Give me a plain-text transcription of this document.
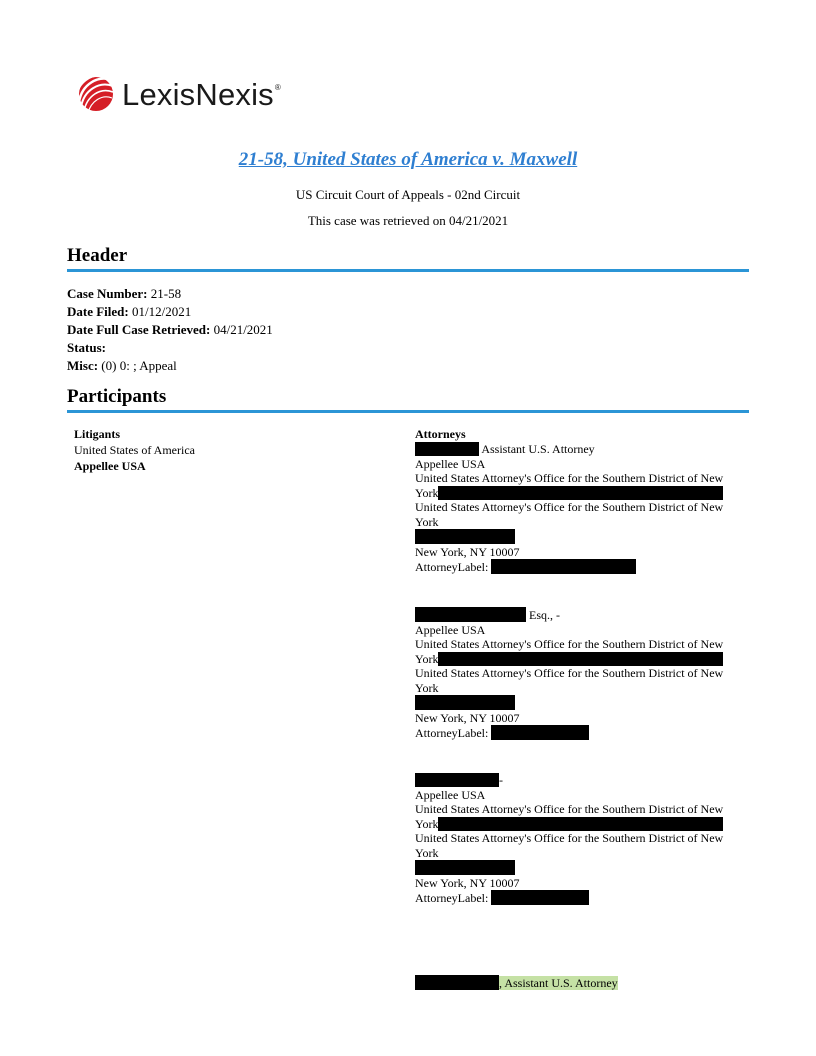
LexisNexis®
21-58, United States of America v. Maxwell
US Circuit Court of Appeals - 02nd Circuit
This case was retrieved on 04/21/2021
Header
Case Number: 21-58
Date Filed: 01/12/2021
Date Full Case Retrieved: 04/21/2021
Status:
Misc: (0) 0: ; Appeal
Participants
Litigants
United States of America
Appellee USA
Attorneys
Assistant U.S. Attorney
Appellee USA
United States Attorney's Office for the Southern District of New
York
United States Attorney's Office for the Southern District of New
York
New York, NY 10007
AttorneyLabel:
Esq., -
Appellee USA
United States Attorney's Office for the Southern District of New
York
United States Attorney's Office for the Southern District of New
York
New York, NY 10007
AttorneyLabel:
-
Appellee USA
United States Attorney's Office for the Southern District of New
York
United States Attorney's Office for the Southern District of New
York
New York, NY 10007
AttorneyLabel:
, Assistant U.S. Attorney
